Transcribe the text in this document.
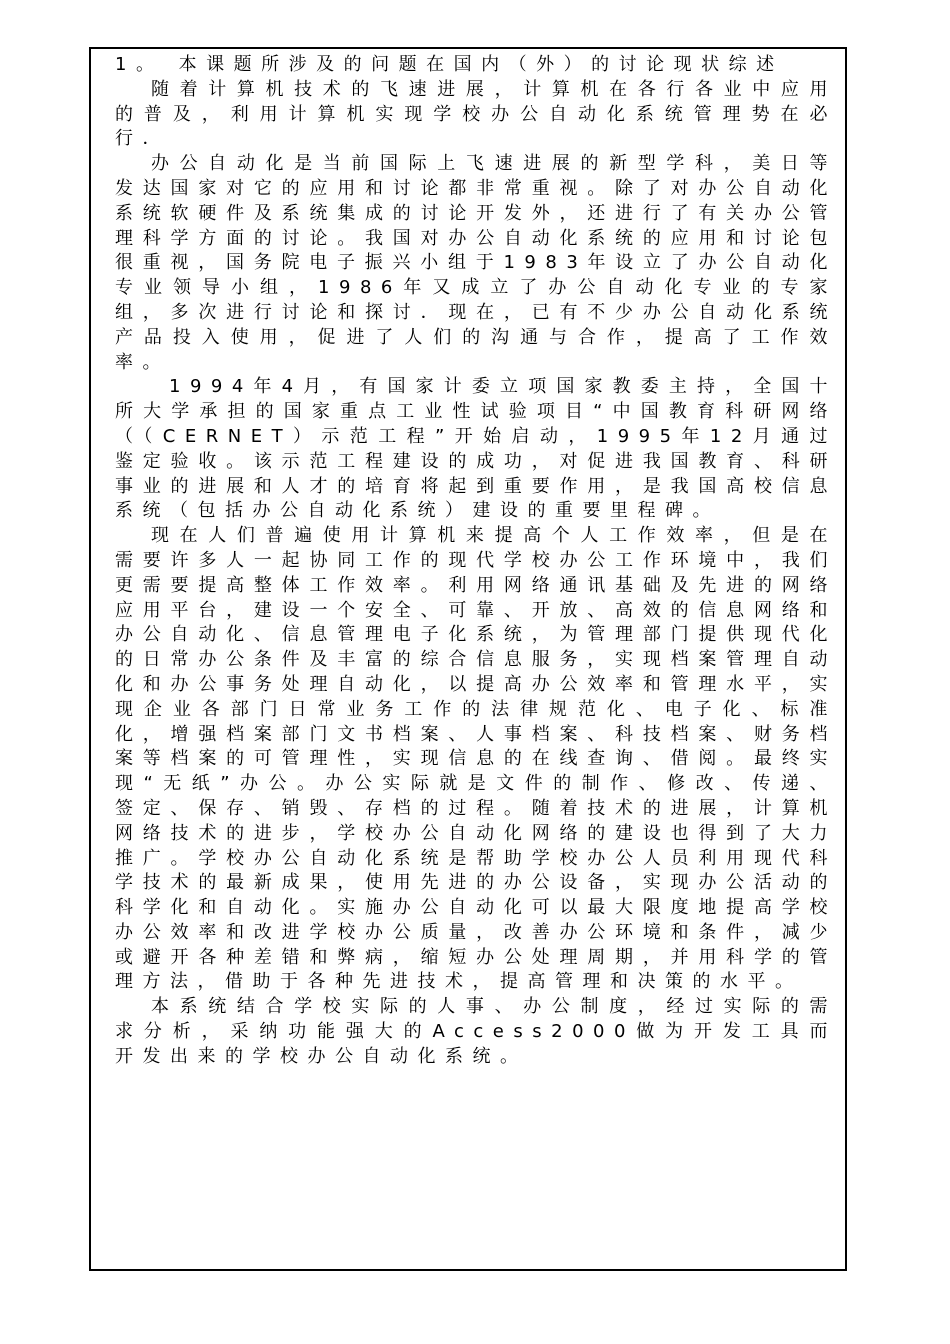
1。 本课题所涉及的问题在国内（外）的讨论现状综述

随着计算机技术的飞速进展，计算机在各行各业中应用的普及，利用计算机实现学校办公自动化系统管理势在必行．

办公自动化是当前国际上飞速进展的新型学科，美日等发达国家对它的应用和讨论都非常重视。除了对办公自动化系统软硬件及系统集成的讨论开发外，还进行了有关办公管理科学方面的讨论。我国对办公自动化系统的应用和讨论包很重视，国务院电子振兴小组于1983年设立了办公自动化专业领导小组，1986年又成立了办公自动化专业的专家组，多次进行讨论和探讨．现在，已有不少办公自动化系统产品投入使用，促进了人们的沟通与合作，提高了工作效率。

1994年4月，有国家计委立项国家教委主持，全国十所大学承担的国家重点工业性试验项目“中国教育科研网络（（CERNET）示范工程”开始启动，1995年12月通过鉴定验收。该示范工程建设的成功，对促进我国教育、科研事业的进展和人才的培育将起到重要作用，是我国高校信息系统（包括办公自动化系统）建设的重要里程碑。

现在人们普遍使用计算机来提高个人工作效率，但是在需要许多人一起协同工作的现代学校办公工作环境中，我们更需要提高整体工作效率。利用网络通讯基础及先进的网络应用平台，建设一个安全、可靠、开放、高效的信息网络和办公自动化、信息管理电子化系统，为管理部门提供现代化的日常办公条件及丰富的综合信息服务，实现档案管理自动化和办公事务处理自动化，以提高办公效率和管理水平，实现企业各部门日常业务工作的法律规范化、电子化、标准化，增强档案部门文书档案、人事档案、科技档案、财务档案等档案的可管理性，实现信息的在线查询、借阅。最终实现“无纸”办公。办公实际就是文件的制作、修改、传递、签定、保存、销毁、存档的过程。随着技术的进展，计算机网络技术的进步，学校办公自动化网络的建设也得到了大力推广。学校办公自动化系统是帮助学校办公人员利用现代科学技术的最新成果，使用先进的办公设备，实现办公活动的科学化和自动化。实施办公自动化可以最大限度地提高学校办公效率和改进学校办公质量，改善办公环境和条件，减少或避开各种差错和弊病，缩短办公处理周期，并用科学的管理方法，借助于各种先进技术，提高管理和决策的水平。

本系统结合学校实际的人事、办公制度，经过实际的需求分析，采纳功能强大的Access2000做为开发工具而开发出来的学校办公自动化系统。
